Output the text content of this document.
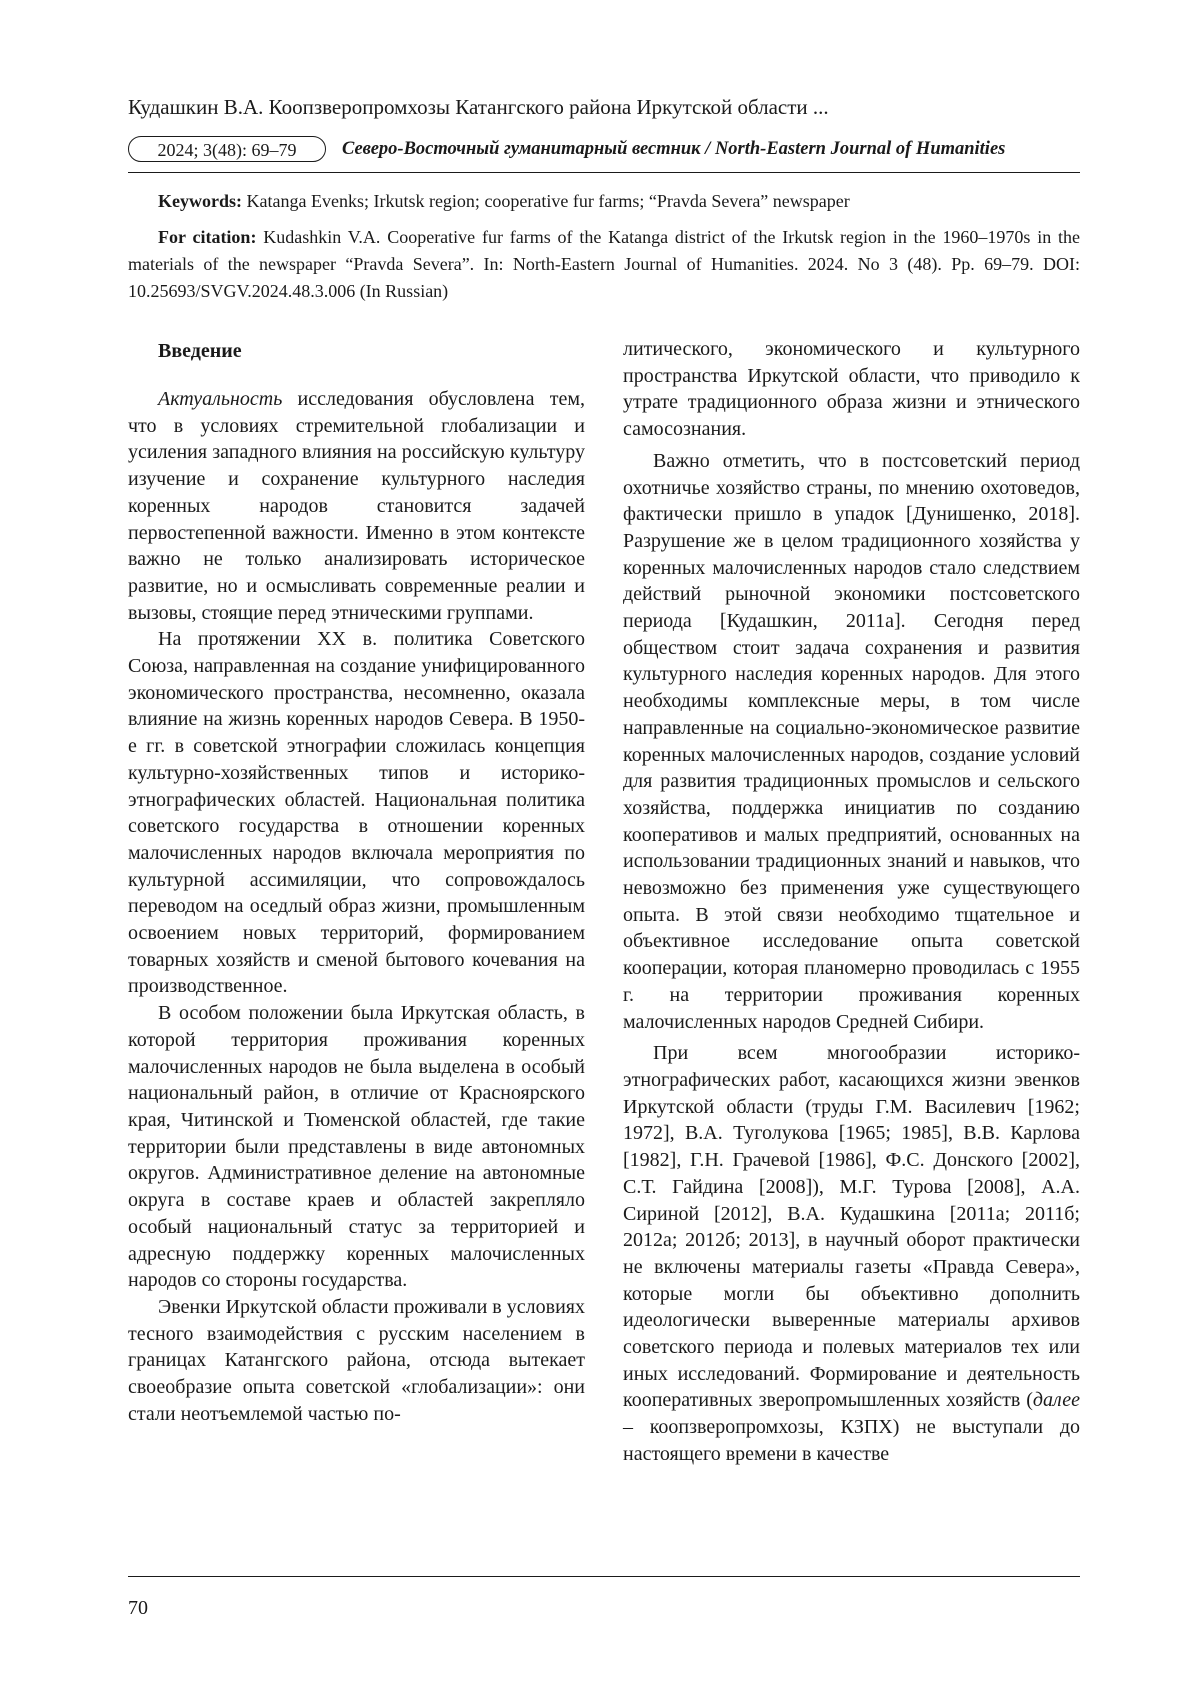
Кудашкин В.А. Коопзверопромхозы Катангского района Иркутской области ...
2024; 3(48): 69–79	Северо-Восточный гуманитарный вестник / North-Eastern Journal of Humanities
Keywords: Katanga Evenks; Irkutsk region; cooperative fur farms; “Pravda Severa” newspaper
For citation: Kudashkin V.A. Cooperative fur farms of the Katanga district of the Irkutsk region in the 1960–1970s in the materials of the newspaper “Pravda Severa”. In: North-Eastern Journal of Humanities. 2024. No 3 (48). Pp. 69–79. DOI: 10.25693/SVGV.2024.48.3.006 (In Russian)
Введение

Актуальность исследования обусловлена тем, что в условиях стремительной глобализации и усиления западного влияния на российскую культуру изучение и сохранение культурного наследия коренных народов становится задачей первостепенной важности. Именно в этом контексте важно не только анализировать историческое развитие, но и осмысливать современные реалии и вызовы, стоящие перед этническими группами.

На протяжении XX в. политика Советского Союза, направленная на создание унифицированного экономического пространства, несомненно, оказала влияние на жизнь коренных народов Севера. В 1950-е гг. в советской этнографии сложилась концепция культурно-хозяйственных типов и историко-этнографических областей. Национальная политика советского государства в отношении коренных малочисленных народов включала мероприятия по культурной ассимиляции, что сопровождалось переводом на оседлый образ жизни, промышленным освоением новых территорий, формированием товарных хозяйств и сменой бытового кочевания на производственное.

В особом положении была Иркутская область, в которой территория проживания коренных малочисленных народов не была выделена в особый национальный район, в отличие от Красноярского края, Читинской и Тюменской областей, где такие территории были представлены в виде автономных округов. Административное деление на автономные округа в составе краев и областей закрепляло особый национальный статус за территорией и адресную поддержку коренных малочисленных народов со стороны государства.

Эвенки Иркутской области проживали в условиях тесного взаимодействия с русским населением в границах Катангского района, отсюда вытекает своеобразие опыта советской «глобализации»: они стали неотъемлемой частью по-

литического, экономического и культурного пространства Иркутской области, что приводило к утрате традиционного образа жизни и этнического самосознания.

Важно отметить, что в постсоветский период охотничье хозяйство страны, по мнению охотоведов, фактически пришло в упадок [Дунишенко, 2018]. Разрушение же в целом традиционного хозяйства у коренных малочисленных народов стало следствием действий рыночной экономики постсоветского периода [Кудашкин, 2011а]. Сегодня перед обществом стоит задача сохранения и развития культурного наследия коренных народов. Для этого необходимы комплексные меры, в том числе направленные на социально-экономическое развитие коренных малочисленных народов, создание условий для развития традиционных промыслов и сельского хозяйства, поддержка инициатив по созданию кооперативов и малых предприятий, основанных на использовании традиционных знаний и навыков, что невозможно без применения уже существующего опыта. В этой связи необходимо тщательное и объективное исследование опыта советской кооперации, которая планомерно проводилась с 1955 г. на территории проживания коренных малочисленных народов Средней Сибири.

При всем многообразии историко-этнографических работ, касающихся жизни эвенков Иркутской области (труды Г.М. Василевич [1962; 1972], В.А. Туголукова [1965; 1985], В.В. Карлова [1982], Г.Н. Грачевой [1986], Ф.С. Донского [2002], С.Т. Гайдина [2008]), М.Г. Турова [2008], А.А. Сириной [2012], В.А. Кудашкина [2011а; 2011б; 2012а; 2012б; 2013], в научный оборот практически не включены материалы газеты «Правда Севера», которые могли бы объективно дополнить идеологически выверенные материалы архивов советского периода и полевых материалов тех или иных исследований. Формирование и деятельность кооперативных зверопромышленных хозяйств (далее – коопзверопромхозы, КЗПХ) не выступали до настоящего времени в качестве

70
